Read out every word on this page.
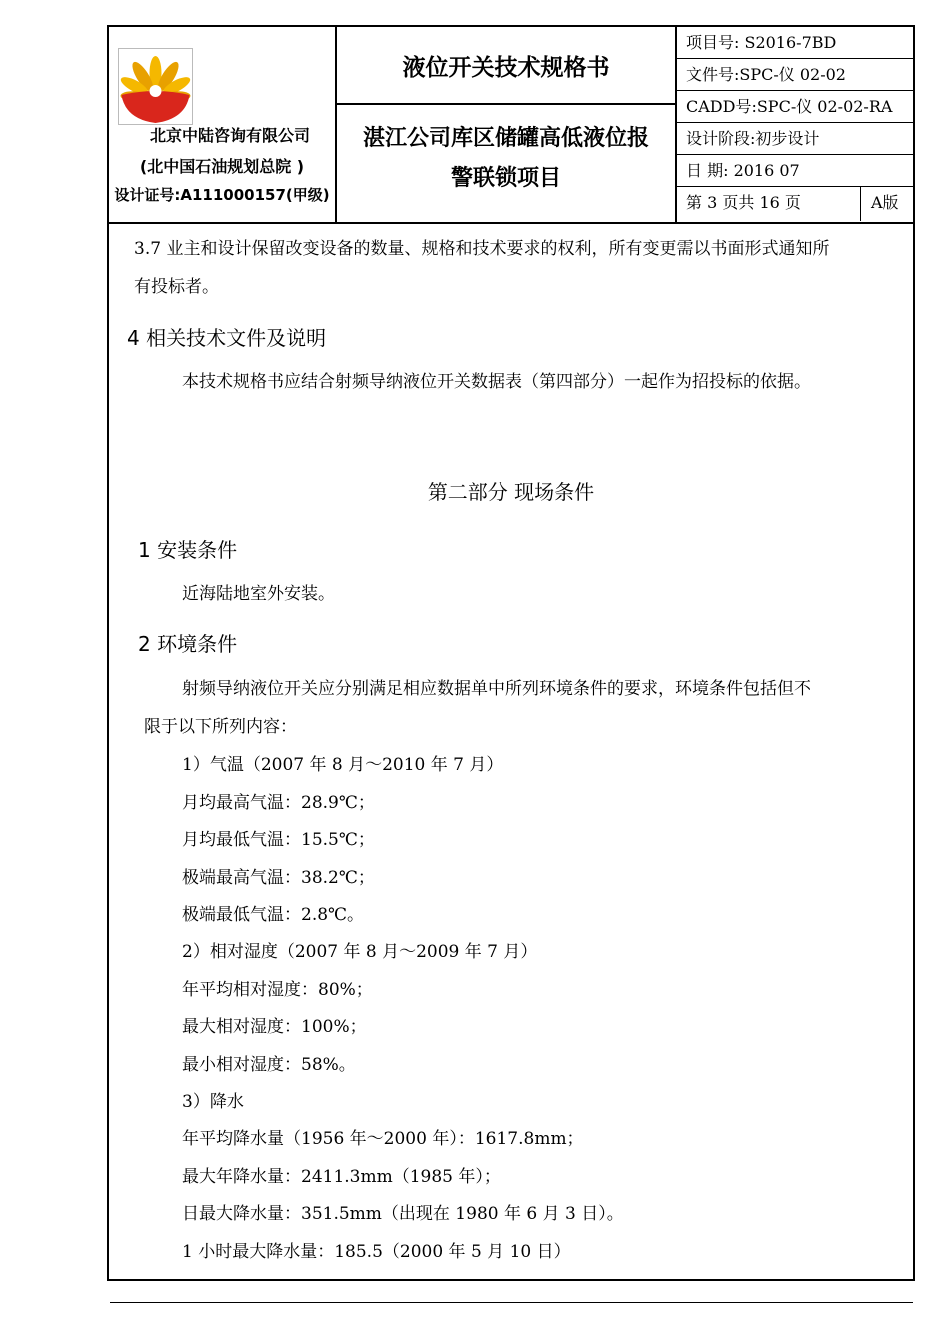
北京中陆咨询有限公司
(北中国石油规划总院 )
设计证号:A111000157(甲级)
液位开关技术规格书
湛江公司库区储罐高低液位报
警联锁项目
项目号: S2016-7BD
文件号:SPC-仪 02-02
CADD号:SPC-仪 02-02-RA
设计阶段:初步设计
日 期: 2016 07
第 3 页共 16 页	A版
3.7 业主和设计保留改变设备的数量、规格和技术要求的权利，所有变更需以书面形式通知所
有投标者。
4 相关技术文件及说明
本技术规格书应结合射频导纳液位开关数据表（第四部分）一起作为招投标的依据。
第二部分 现场条件
1 安装条件
近海陆地室外安装。
2 环境条件
射频导纳液位开关应分别满足相应数据单中所列环境条件的要求，环境条件包括但不
限于以下所列内容：
1）气温（2007 年 8 月～2010 年 7 月）
月均最高气温：28.9℃；
月均最低气温：15.5℃；
极端最高气温：38.2℃；
极端最低气温：2.8℃。
2）相对湿度（2007 年 8 月～2009 年 7 月）
年平均相对湿度：80%；
最大相对湿度：100%；
最小相对湿度：58%。
3）降水
年平均降水量（1956 年～2000 年）：1617.8mm；
最大年降水量：2411.3mm（1985 年）；
日最大降水量：351.5mm（出现在 1980 年 6 月 3 日）。
1 小时最大降水量：185.5（2000 年 5 月 10 日）
